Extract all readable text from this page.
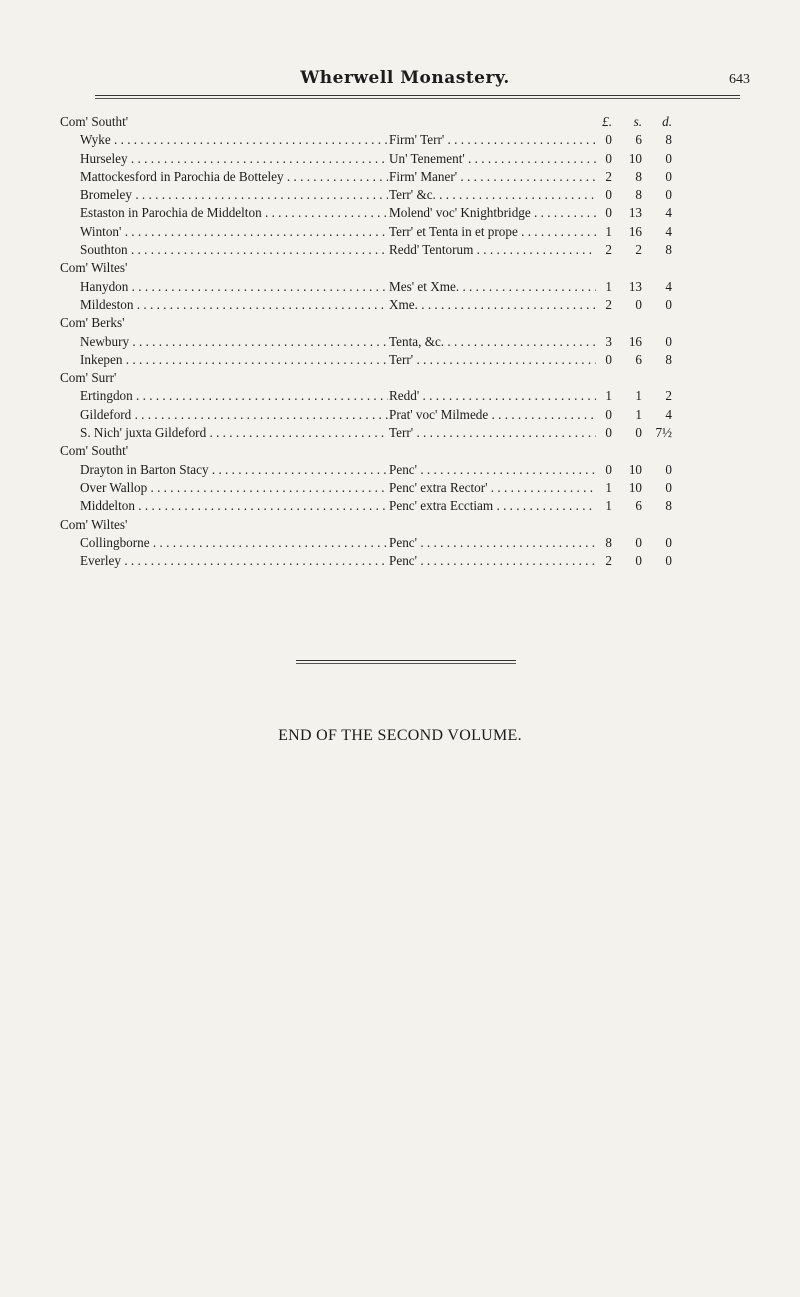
Wherwell Monastery.	643
Com' Southt'	£.	s.	d.
Wyke . . .	Firm' Terr' . . .	0	6	8
Hurseley . . .	Un' Tenement' . . .	0	10	0
Mattockesford in Parochia de Botteley . . .	Firm' Maner' . . .	2	8	0
Bromeley . . .	Terr' &c. . . .	0	8	0
Estaston in Parochia de Middelton . . .	Molend' voc' Knightbridge . . .	0	13	4
Winton' . . .	Terr' et Tenta in et prope . . .	1	16	4
Southton . . .	Redd' Tentorum . . .	2	2	8
Com' Wiltes'
Hanydon . . .	Mes' et Xme. . . .	1	13	4
Mildeston . . .	Xme. . . .	2	0	0
Com' Berks'
Newbury . . .	Tenta, &c. . . .	3	16	0
Inkepen . . .	Terr' . . .	0	6	8
Com' Surr'
Ertingdon . . .	Redd' . . .	1	1	2
Gildeford . . .	Prat' voc' Milmede . . .	0	1	4
S. Nich' juxta Gildeford . . .	Terr' . . .	0	0	7½
Com' Southt'
Drayton in Barton Stacy . . .	Penc' . . .	0	10	0
Over Wallop . . .	Penc' extra Rector' . . .	1	10	0
Middelton . . .	Penc' extra Ecctiam . . .	1	6	8
Com' Wiltes'
Collingborne . . .	Penc' . . .	8	0	0
Everley . . .	Penc' . . .	2	0	0
END OF THE SECOND VOLUME.
